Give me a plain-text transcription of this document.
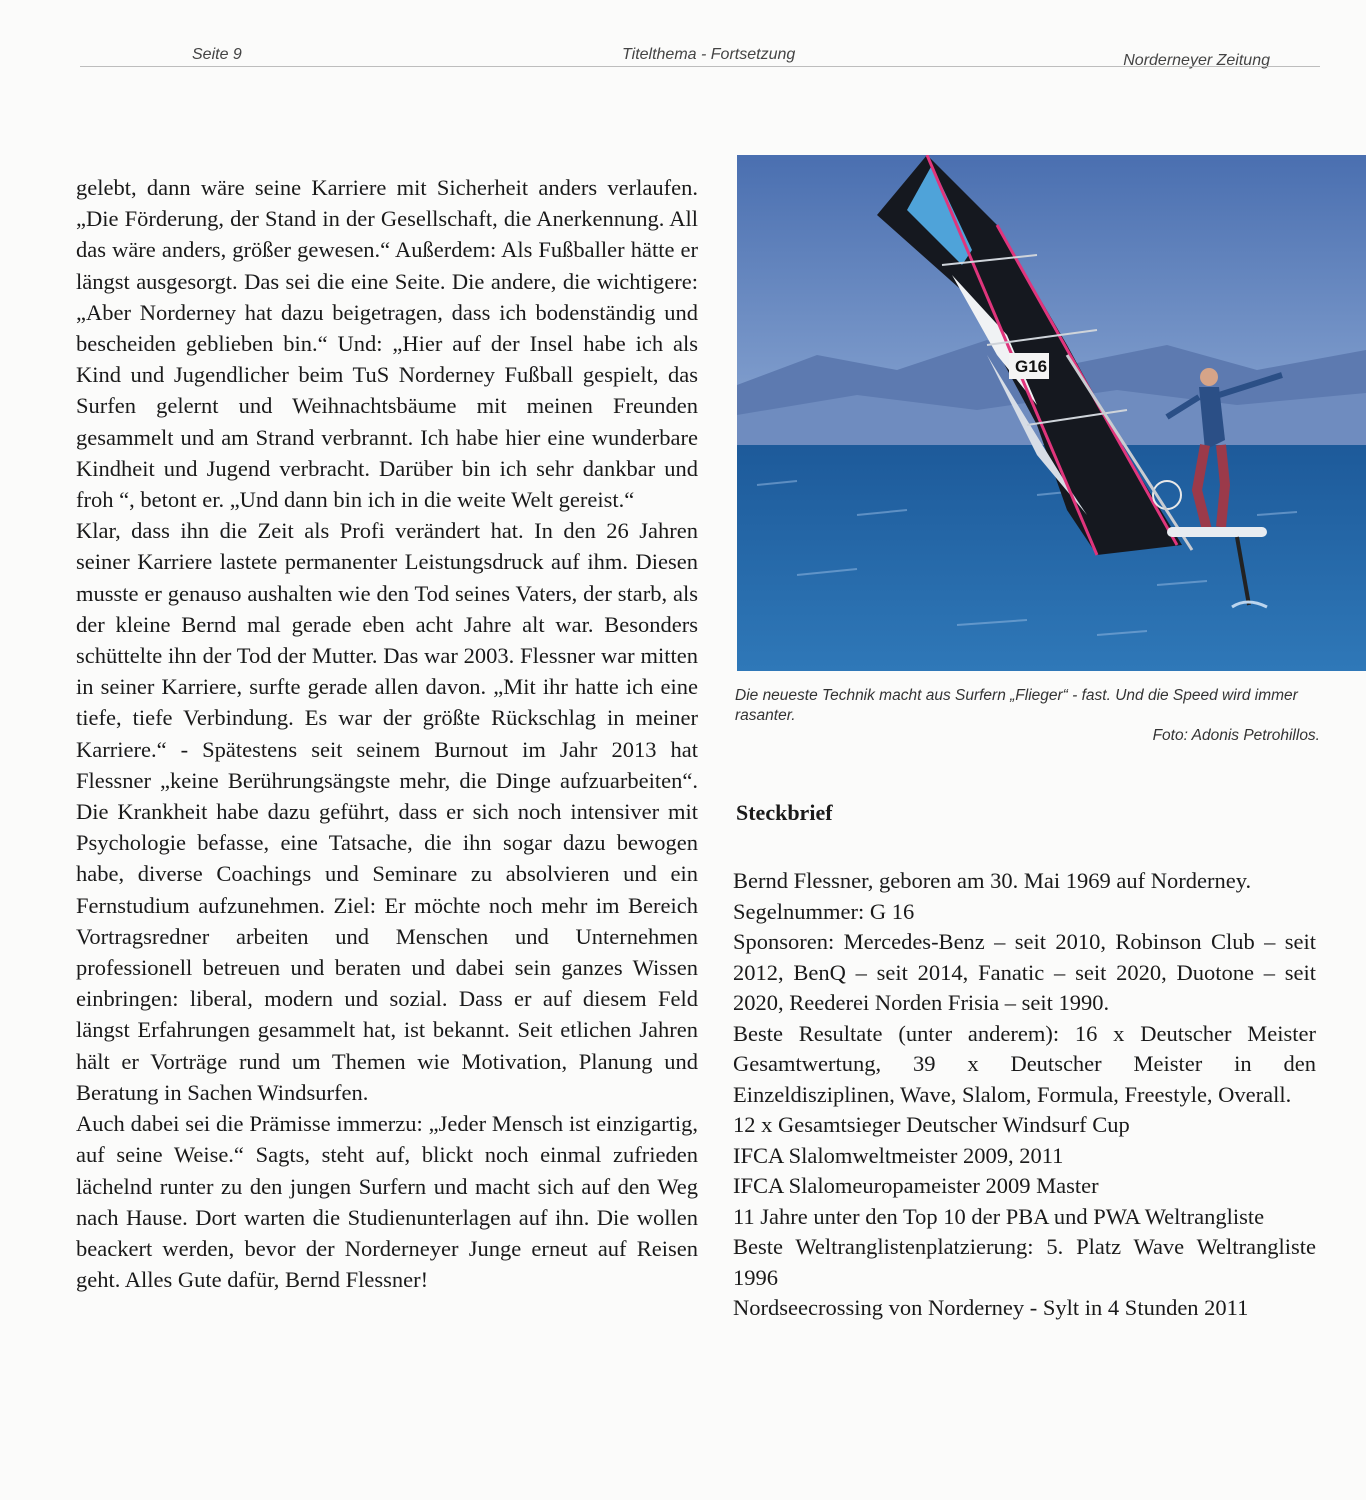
Seite 9	Titelthema - Fortsetzung	Norderneyer Zeitung

gelebt, dann wäre seine Karriere mit Sicherheit anders verlaufen. „Die Förderung, der Stand in der Gesellschaft, die Anerkennung. All das wäre anders, größer gewesen.“ Außerdem: Als Fußballer hätte er längst ausgesorgt. Das sei die eine Seite. Die andere, die wichtigere: „Aber Norderney hat dazu beigetragen, dass ich bodenständig und bescheiden geblieben bin.“ Und: „Hier auf der Insel habe ich als Kind und Jugendlicher beim TuS Norderney Fußball gespielt, das Surfen gelernt und Weihnachtsbäume mit meinen Freunden gesammelt und am Strand verbrannt. Ich habe hier eine wunderbare Kindheit und Jugend verbracht. Darüber bin ich sehr dankbar und froh “, betont er. „Und dann bin ich in die weite Welt gereist.“

Klar, dass ihn die Zeit als Profi verändert hat. In den 26 Jahren seiner Karriere lastete permanenter Leistungsdruck auf ihm. Diesen musste er genauso aushalten wie den Tod seines Vaters, der starb, als der kleine Bernd mal gerade eben acht Jahre alt war. Besonders schüttelte ihn der Tod der Mutter. Das war 2003. Flessner war mitten in seiner Karriere, surfte gerade allen davon. „Mit ihr hatte ich eine tiefe, tiefe Verbindung. Es war der größte Rückschlag in meiner Karriere.“ - Spätestens seit seinem Burnout im Jahr 2013 hat Flessner „keine Berührungsängste mehr, die Dinge aufzuarbeiten“. Die Krankheit habe dazu geführt, dass er sich noch intensiver mit Psychologie befasse, eine Tatsache, die ihn sogar dazu bewogen habe, diverse Coachings und Seminare zu absolvieren und ein Fernstudium aufzunehmen. Ziel: Er möchte noch mehr im Bereich Vortragsredner arbeiten und Menschen und Unternehmen professionell betreuen und beraten und dabei sein ganzes Wissen einbringen: liberal, modern und sozial. Dass er auf diesem Feld längst Erfahrungen gesammelt hat, ist bekannt. Seit etlichen Jahren hält er Vorträge rund um Themen wie Motivation, Planung und Beratung in Sachen Windsurfen.

Auch dabei sei die Prämisse immerzu: „Jeder Mensch ist einzigartig, auf seine Weise.“ Sagts, steht auf, blickt noch einmal zufrieden lächelnd runter zu den jungen Surfern und macht sich auf den Weg nach Hause. Dort warten die Studienunterlagen auf ihn. Die wollen beackert werden, bevor der Norderneyer Junge erneut auf Reisen geht. Alles Gute dafür, Bernd Flessner!

G16
Die neueste Technik macht aus Surfern „Flieger“ - fast. Und die Speed wird immer rasanter.
Foto: Adonis Petrohillos.
Steckbrief

Bernd Flessner, geboren am 30. Mai 1969 auf Norderney.

Segelnummer: G 16

Sponsoren: Mercedes-Benz – seit 2010, Robinson Club – seit 2012, BenQ – seit 2014, Fanatic – seit 2020, Duotone – seit 2020, Reederei Norden Frisia – seit 1990.

Beste Resultate (unter anderem): 16 x Deutscher Meister Gesamtwertung, 39 x Deutscher Meister in den Einzeldisziplinen, Wave, Slalom, Formula, Freestyle, Overall.

12 x Gesamtsieger Deutscher Windsurf Cup

IFCA Slalomweltmeister 2009, 2011

IFCA Slalomeuropameister 2009 Master

11 Jahre unter den Top 10 der PBA und PWA Weltrangliste

Beste Weltranglistenplatzierung: 5. Platz Wave Weltrangliste 1996

Nordseecrossing von Norderney - Sylt in 4 Stunden 2011
